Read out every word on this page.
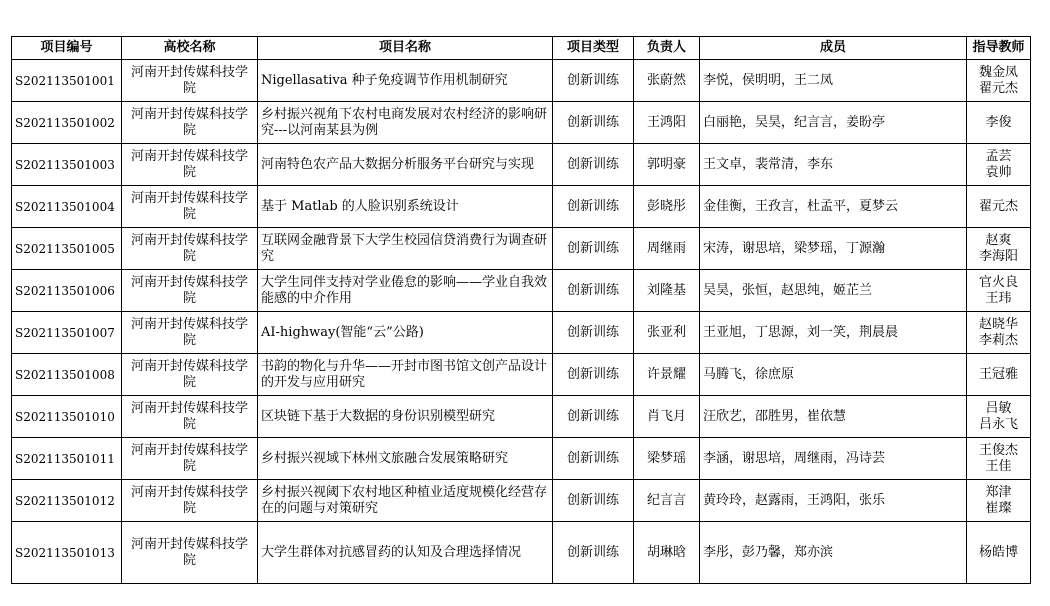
项目编号	高校名称	项目名称	项目类型	负责人	成员	指导教师
S202113501001	河南开封传媒科技学院	Nigellasativa 种子免疫调节作用机制研究	创新训练	张蔚然	李悦，侯明明，王二凤	魏金凤
翟元杰
S202113501002	河南开封传媒科技学院	乡村振兴视角下农村电商发展对农村经济的影响研究---以河南某县为例	创新训练	王鸿阳	白丽艳，吴昊，纪言言，姜盼亭	李俊
S202113501003	河南开封传媒科技学院	河南特色农产品大数据分析服务平台研究与实现	创新训练	郭明豪	王文卓，裴常清，李东	孟芸
袁帅
S202113501004	河南开封传媒科技学院	基于 Matlab 的人脸识别系统设计	创新训练	彭晓彤	金佳衡，王孜言，杜孟平，夏梦云	翟元杰
S202113501005	河南开封传媒科技学院	互联网金融背景下大学生校园信贷消费行为调查研究	创新训练	周继雨	宋涛，谢思培，梁梦瑶，丁源瀚	赵爽
李海阳
S202113501006	河南开封传媒科技学院	大学生同伴支持对学业倦怠的影响——学业自我效能感的中介作用	创新训练	刘隆基	吴昊，张恒，赵思纯，姬芷兰	官火良
王玮
S202113501007	河南开封传媒科技学院	AI-highway(智能“云”公路)	创新训练	张亚利	王亚旭，丁思源，刘一笑，荆晨晨	赵晓华
李莉杰
S202113501008	河南开封传媒科技学院	书韵的物化与升华——开封市图书馆文创产品设计的开发与应用研究	创新训练	许景耀	马腾飞，徐庶原	王冠雅
S202113501010	河南开封传媒科技学院	区块链下基于大数据的身份识别模型研究	创新训练	肖飞月	汪欣艺，邵胜男，崔依慧	吕敏
吕永飞
S202113501011	河南开封传媒科技学院	乡村振兴视域下林州文旅融合发展策略研究	创新训练	梁梦瑶	李涵，谢思培，周继雨，冯诗芸	王俊杰
王佳
S202113501012	河南开封传媒科技学院	乡村振兴视阈下农村地区种植业适度规模化经营存在的问题与对策研究	创新训练	纪言言	黄玲玲，赵露雨，王鸿阳，张乐	郑津
崔璨
S202113501013	河南开封传媒科技学院	大学生群体对抗感冒药的认知及合理选择情况	创新训练	胡琳晗	李彤，彭乃馨，郑亦滨	杨皓博
